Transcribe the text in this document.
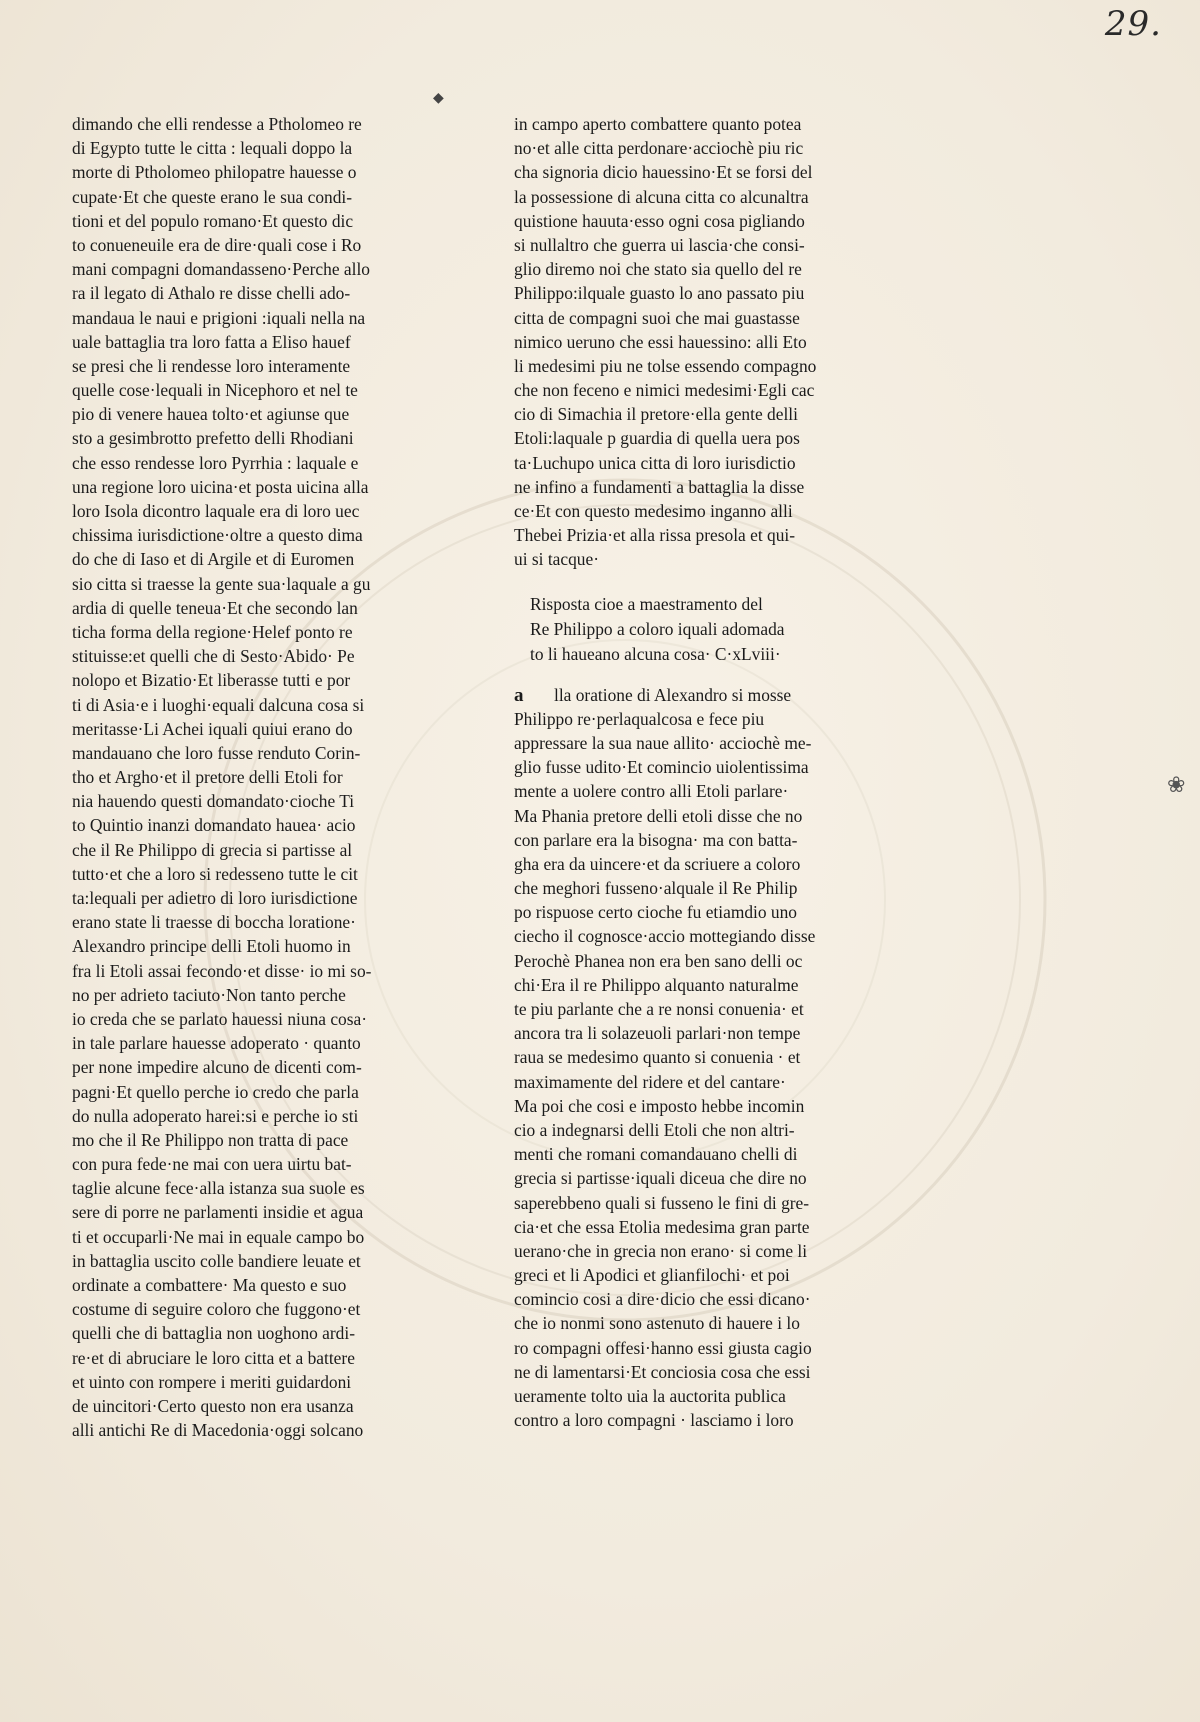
29.
◆
dimando che elli rendesse a Ptholomeo re
di Egypto tutte le citta : lequali doppo la
morte di Ptholomeo philopatre hauesse o
cupate·Et che queste erano le sua condi-
tioni et del populo romano·Et questo dic
to conueneuile era de dire·quali cose i Ro
mani compagni domandasseno·Perche allo
ra il legato di Athalo re disse chelli ado-
mandaua le naui e prigioni :iquali nella na
uale battaglia tra loro fatta a Eliso hauef
se presi che li rendesse loro interamente
quelle cose·lequali in Nicephoro et nel te
pio di venere hauea tolto·et agiunse que
sto a gesimbrotto prefetto delli Rhodiani
che esso rendesse loro Pyrrhia : laquale e
una regione loro uicina·et posta uicina alla
loro Isola dicontro laquale era di loro uec
chissima iurisdictione·oltre a questo dima
do che di Iaso et di Argile et di Euromen
sio citta si traesse la gente sua·laquale a gu
ardia di quelle teneua·Et che secondo lan
ticha forma della regione·Helef ponto re
stituisse:et quelli che di Sesto·Abido· Pe
nolopo et Bizatio·Et liberasse tutti e por
ti di Asia·e i luoghi·equali dalcuna cosa si
meritasse·Li Achei iquali quiui erano do
mandauano che loro fusse renduto Corin-
tho et Argho·et il pretore delli Etoli for
nia hauendo questi domandato·cioche Ti
to Quintio inanzi domandato hauea· acio
che il Re Philippo di grecia si partisse al
tutto·et che a loro si redesseno tutte le cit
ta:lequali per adietro di loro iurisdictione
erano state li traesse di boccha loratione·
Alexandro principe delli Etoli huomo in
fra li Etoli assai fecondo·et disse· io mi so-
no per adrieto taciuto·Non tanto perche
io creda che se parlato hauessi niuna cosa·
in tale parlare hauesse adoperato · quanto
per none impedire alcuno de dicenti com-
pagni·Et quello perche io credo che parla
do nulla adoperato harei:si e perche io sti
mo che il Re Philippo non tratta di pace
con pura fede·ne mai con uera uirtu bat-
taglie alcune fece·alla istanza sua suole es
sere di porre ne parlamenti insidie et agua
ti et occuparli·Ne mai in equale campo bo
in battaglia uscito colle bandiere leuate et
ordinate a combattere· Ma questo e suo
costume di seguire coloro che fuggono·et
quelli che di battaglia non uoghono ardi-
re·et di abruciare le loro citta et a battere
et uinto con rompere i meriti guidardoni
de uincitori·Certo questo non era usanza
alli antichi Re di Macedonia·oggi solcano
in campo aperto combattere quanto potea
no·et alle citta perdonare·acciochè piu ric
cha signoria dicio hauessino·Et se forsi del
la possessione di alcuna citta co alcunaltra
quistione hauuta·esso ogni cosa pigliando
si nullaltro che guerra ui lascia·che consi-
glio diremo noi che stato sia quello del re
Philippo:ilquale guasto lo ano passato piu
citta de compagni suoi che mai guastasse
nimico ueruno che essi hauessino: alli Eto
li medesimi piu ne tolse essendo compagno
che non feceno e nimici medesimi·Egli cac
cio di Simachia il pretore·ella gente delli
Etoli:laquale p guardia di quella uera pos
ta·Luchupo unica citta di loro iurisdictio
ne infino a fundamenti a battaglia la disse
ce·Et con questo medesimo inganno alli
Thebei Prizia·et alla rissa presola et qui-
ui si tacque·
Risposta cioe a maestramento del
Re Philippo a coloro iquali adomada
to li haueano alcuna cosa· C·xLviii·
a lla oratione di Alexandro si mosse
Philippo re·perlaqualcosa e fece piu
appressare la sua naue allito· acciochè me-
glio fusse udito·Et comincio uiolentissima
mente a uolere contro alli Etoli parlare·
Ma Phania pretore delli etoli disse che no
con parlare era la bisogna· ma con batta-
gha era da uincere·et da scriuere a coloro
che meghori fusseno·alquale il Re Philip
po rispuose certo cioche fu etiamdio uno
ciecho il cognosce·accio mottegiando disse
Perochè Phanea non era ben sano delli oc
chi·Era il re Philippo alquanto naturalme
te piu parlante che a re nonsi conuenia· et
ancora tra li solazeuoli parlari·non tempe
raua se medesimo quanto si conuenia · et
maximamente del ridere et del cantare·
Ma poi che cosi e imposto hebbe incomin
cio a indegnarsi delli Etoli che non altri-
menti che romani comandauano chelli di
grecia si partisse·iquali diceua che dire no
saperebbeno quali si fusseno le fini di gre-
cia·et che essa Etolia medesima gran parte
uerano·che in grecia non erano· si come li
greci et li Apodici et glianfilochi· et poi
comincio cosi a dire·dicio che essi dicano·
che io nonmi sono astenuto di hauere i lo
ro compagni offesi·hanno essi giusta cagio
ne di lamentarsi·Et conciosia cosa che essi
ueramente tolto uia la auctorita publica
contro a loro compagni · lasciamo i loro
❀
